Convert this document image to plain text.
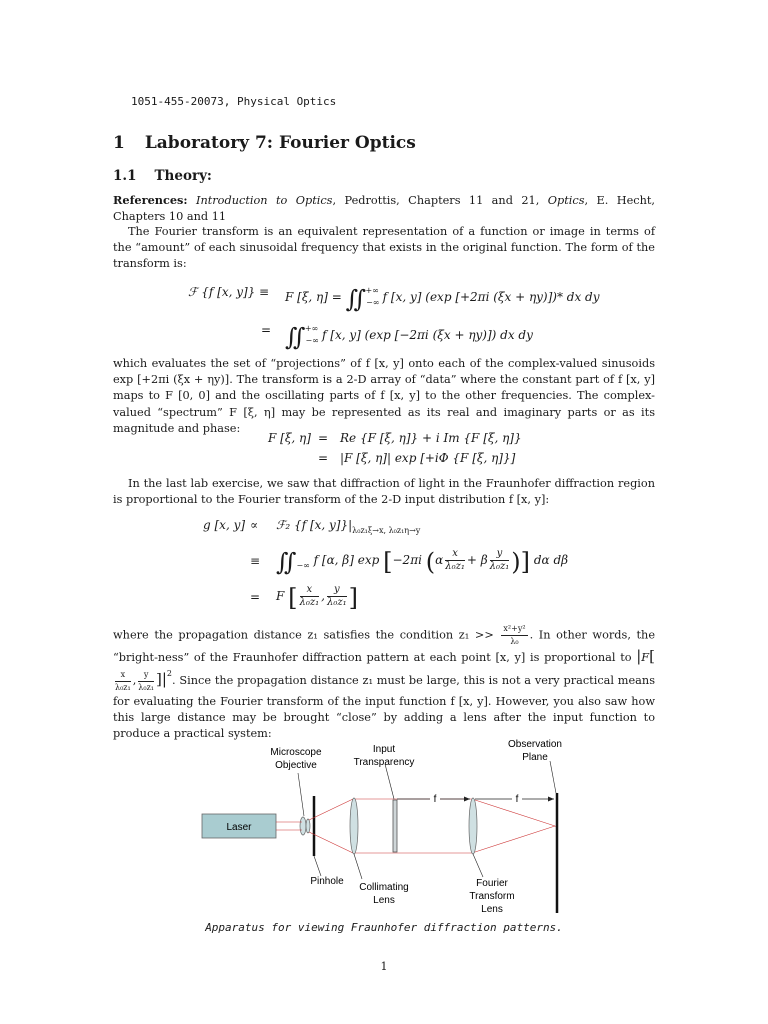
1051-455-20073, Physical Optics
1 Laboratory 7: Fourier Optics
1.1 Theory:
References: Introduction to Optics, Pedrottis, Chapters 11 and 21, Optics, E. Hecht, Chapters 10 and 11
The Fourier transform is an equivalent representation of a function or image in terms of the “amount” of each sinusoidal frequency that exists in the original function. The form of the transform is:
ℱ {f [x, y]} ≡ F [ξ, $\eta] = ∬_{-\infty}^{+\infty}$ f [x, y] (exp [+2πi (ξx + ηy)])* dx dy
= $∬_{-\infty}^{+\infty}$ f [x, y] (exp [−2πi (ξx + ηy)]) dx dy
which evaluates the set of “projections” of f [x, y] onto each of the complex-valued sinusoids exp [+2πi (ξx + ηy)]. The transform is a 2-D array of “data” where the constant part of f [x, y] maps to F [0, 0] and the oscillating parts of f [x, y] to the other frequencies. The complex-valued “spectrum” F [ξ, η] may be represented as its real and imaginary parts or as its magnitude and phase:
F [ξ, η] = Re {F [ξ, η]} + i Im {F [ξ, η]}
= |F [ξ, η]| exp [+iΦ {F [ξ, η]}]
In the last lab exercise, we saw that diffraction of light in the Fraunhofer diffraction region is proportional to the Fourier transform of the 2-D input distribution f [x, y]:
g [x, y] ∝ ℱ₂ {f [x, $y]\}|_{\lambda_0z_1\xi\to x, \lambda_0z_1\eta\to y}$
≡ $∬_{-\infty}$ f [α, β] exp [−2πi ($\alpha \frac{x}{\text{λ₀z₁}} + \beta \frac{y}{\text{λ₀z₁}}$ )] dα dβ
= F [ $\frac{x}{\text{λ₀z₁}}$ , $\frac{y}{\text{λ₀z₁}}$ ]
where the propagation distance z₁ satisfies the condition $z_1 >> \frac{\text{x²+y²}}{\text{λ₀}}$ . In other words, the “bright-ness” of the Fraunhofer diffraction pattern at each point [x, y] is proportional to |F[
$\frac{x}{\text{λ₀z₁}}$ , $\frac{y}{\text{λ₀z₁}} ]|^2$. Since the propagation distance z₁ must be large, this is not a very practical means for evaluating the Fourier transform of the input function f [x, y]. However, you also saw how this large distance may be brought “close” by adding a lens after the input function to produce a practical system:
Laser
f	f
Microscope
Objective
Input
Transparency
Observation
Plane
Pinhole
Collimating
Lens
Fourier
Transform
Lens
Apparatus for viewing Fraunhofer diffraction patterns.
1
